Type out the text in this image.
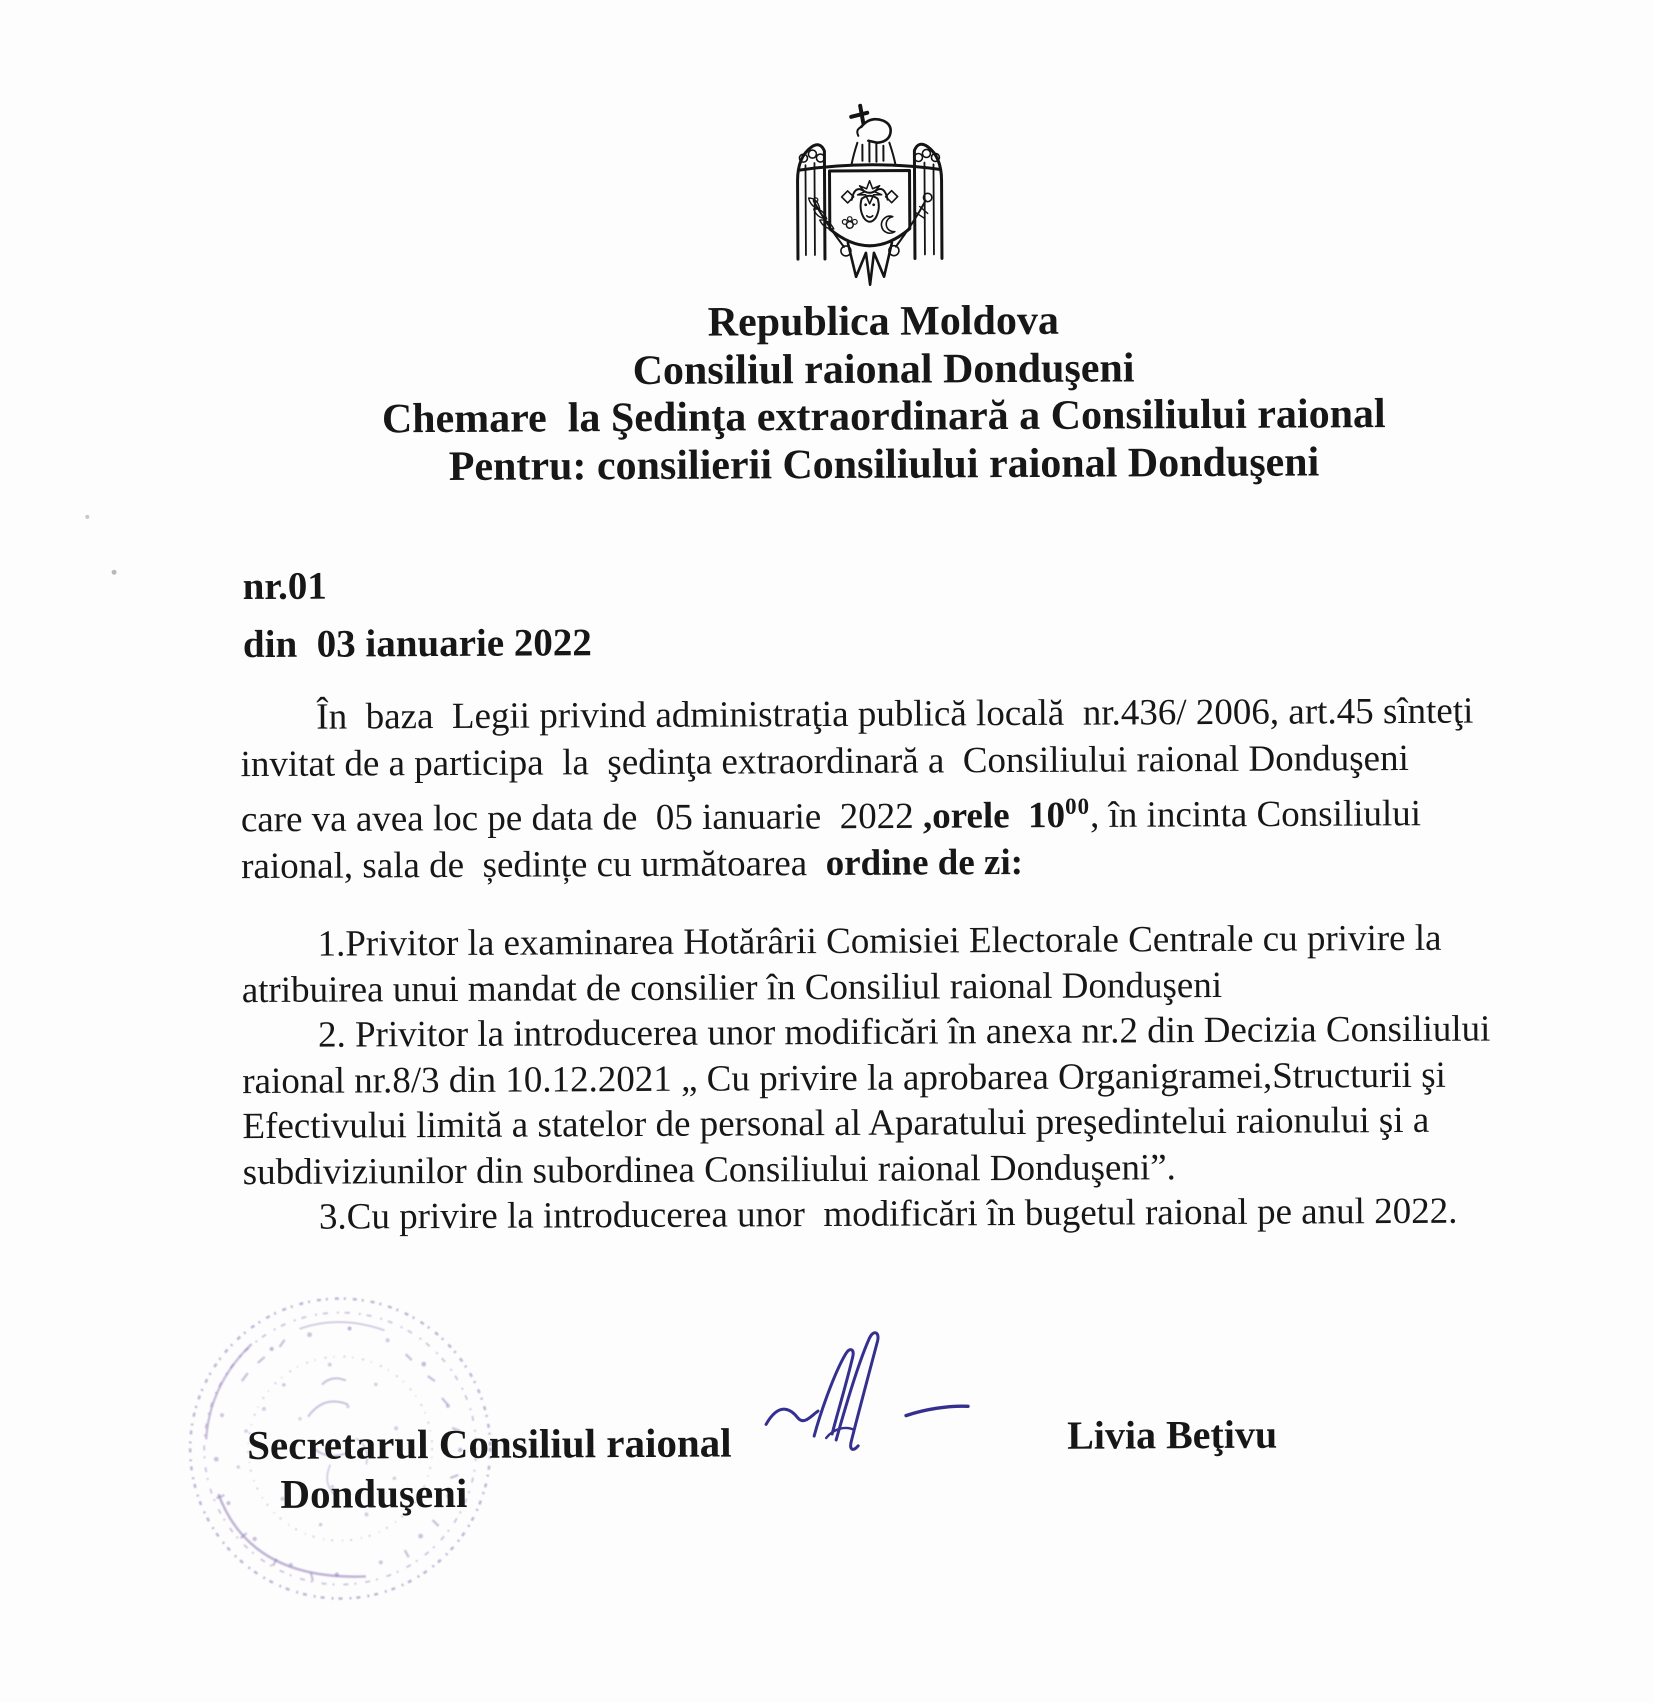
Republica Moldova
Consiliul raional Donduşeni
Chemare  la Şedinţa extraordinară a Consiliului raional
Pentru: consilierii Consiliului raional Donduşeni
nr.01
din  03 ianuarie 2022
În  baza  Legii privind administraţia publică locală  nr.436/ 2006, art.45 sînteţi
invitat de a participa  la  şedinţa extraordinară a  Consiliului raional Donduşeni
care va avea loc pe data de  05 ianuarie  2022 ,orele  $10^{00}$, în incinta Consiliului
raional, sala de  ședințe cu următoarea  ordine de zi:
1.Privitor la examinarea Hotărârii Comisiei Electorale Centrale cu privire la
atribuirea unui mandat de consilier în Consiliul raional Donduşeni
2. Privitor la introducerea unor modificări în anexa nr.2 din Decizia Consiliului
raional nr.8/3 din 10.12.2021 „ Cu privire la aprobarea Organigramei,Structurii şi
Efectivului limită a statelor de personal al Aparatului preşedintelui raionului şi a
subdiviziunilor din subordinea Consiliului raional Donduşeni”.
3.Cu privire la introducerea unor  modificări în bugetul raional pe anul 2022.
Secretarul Consiliul raional
Donduşeni
Livia Beţivu
